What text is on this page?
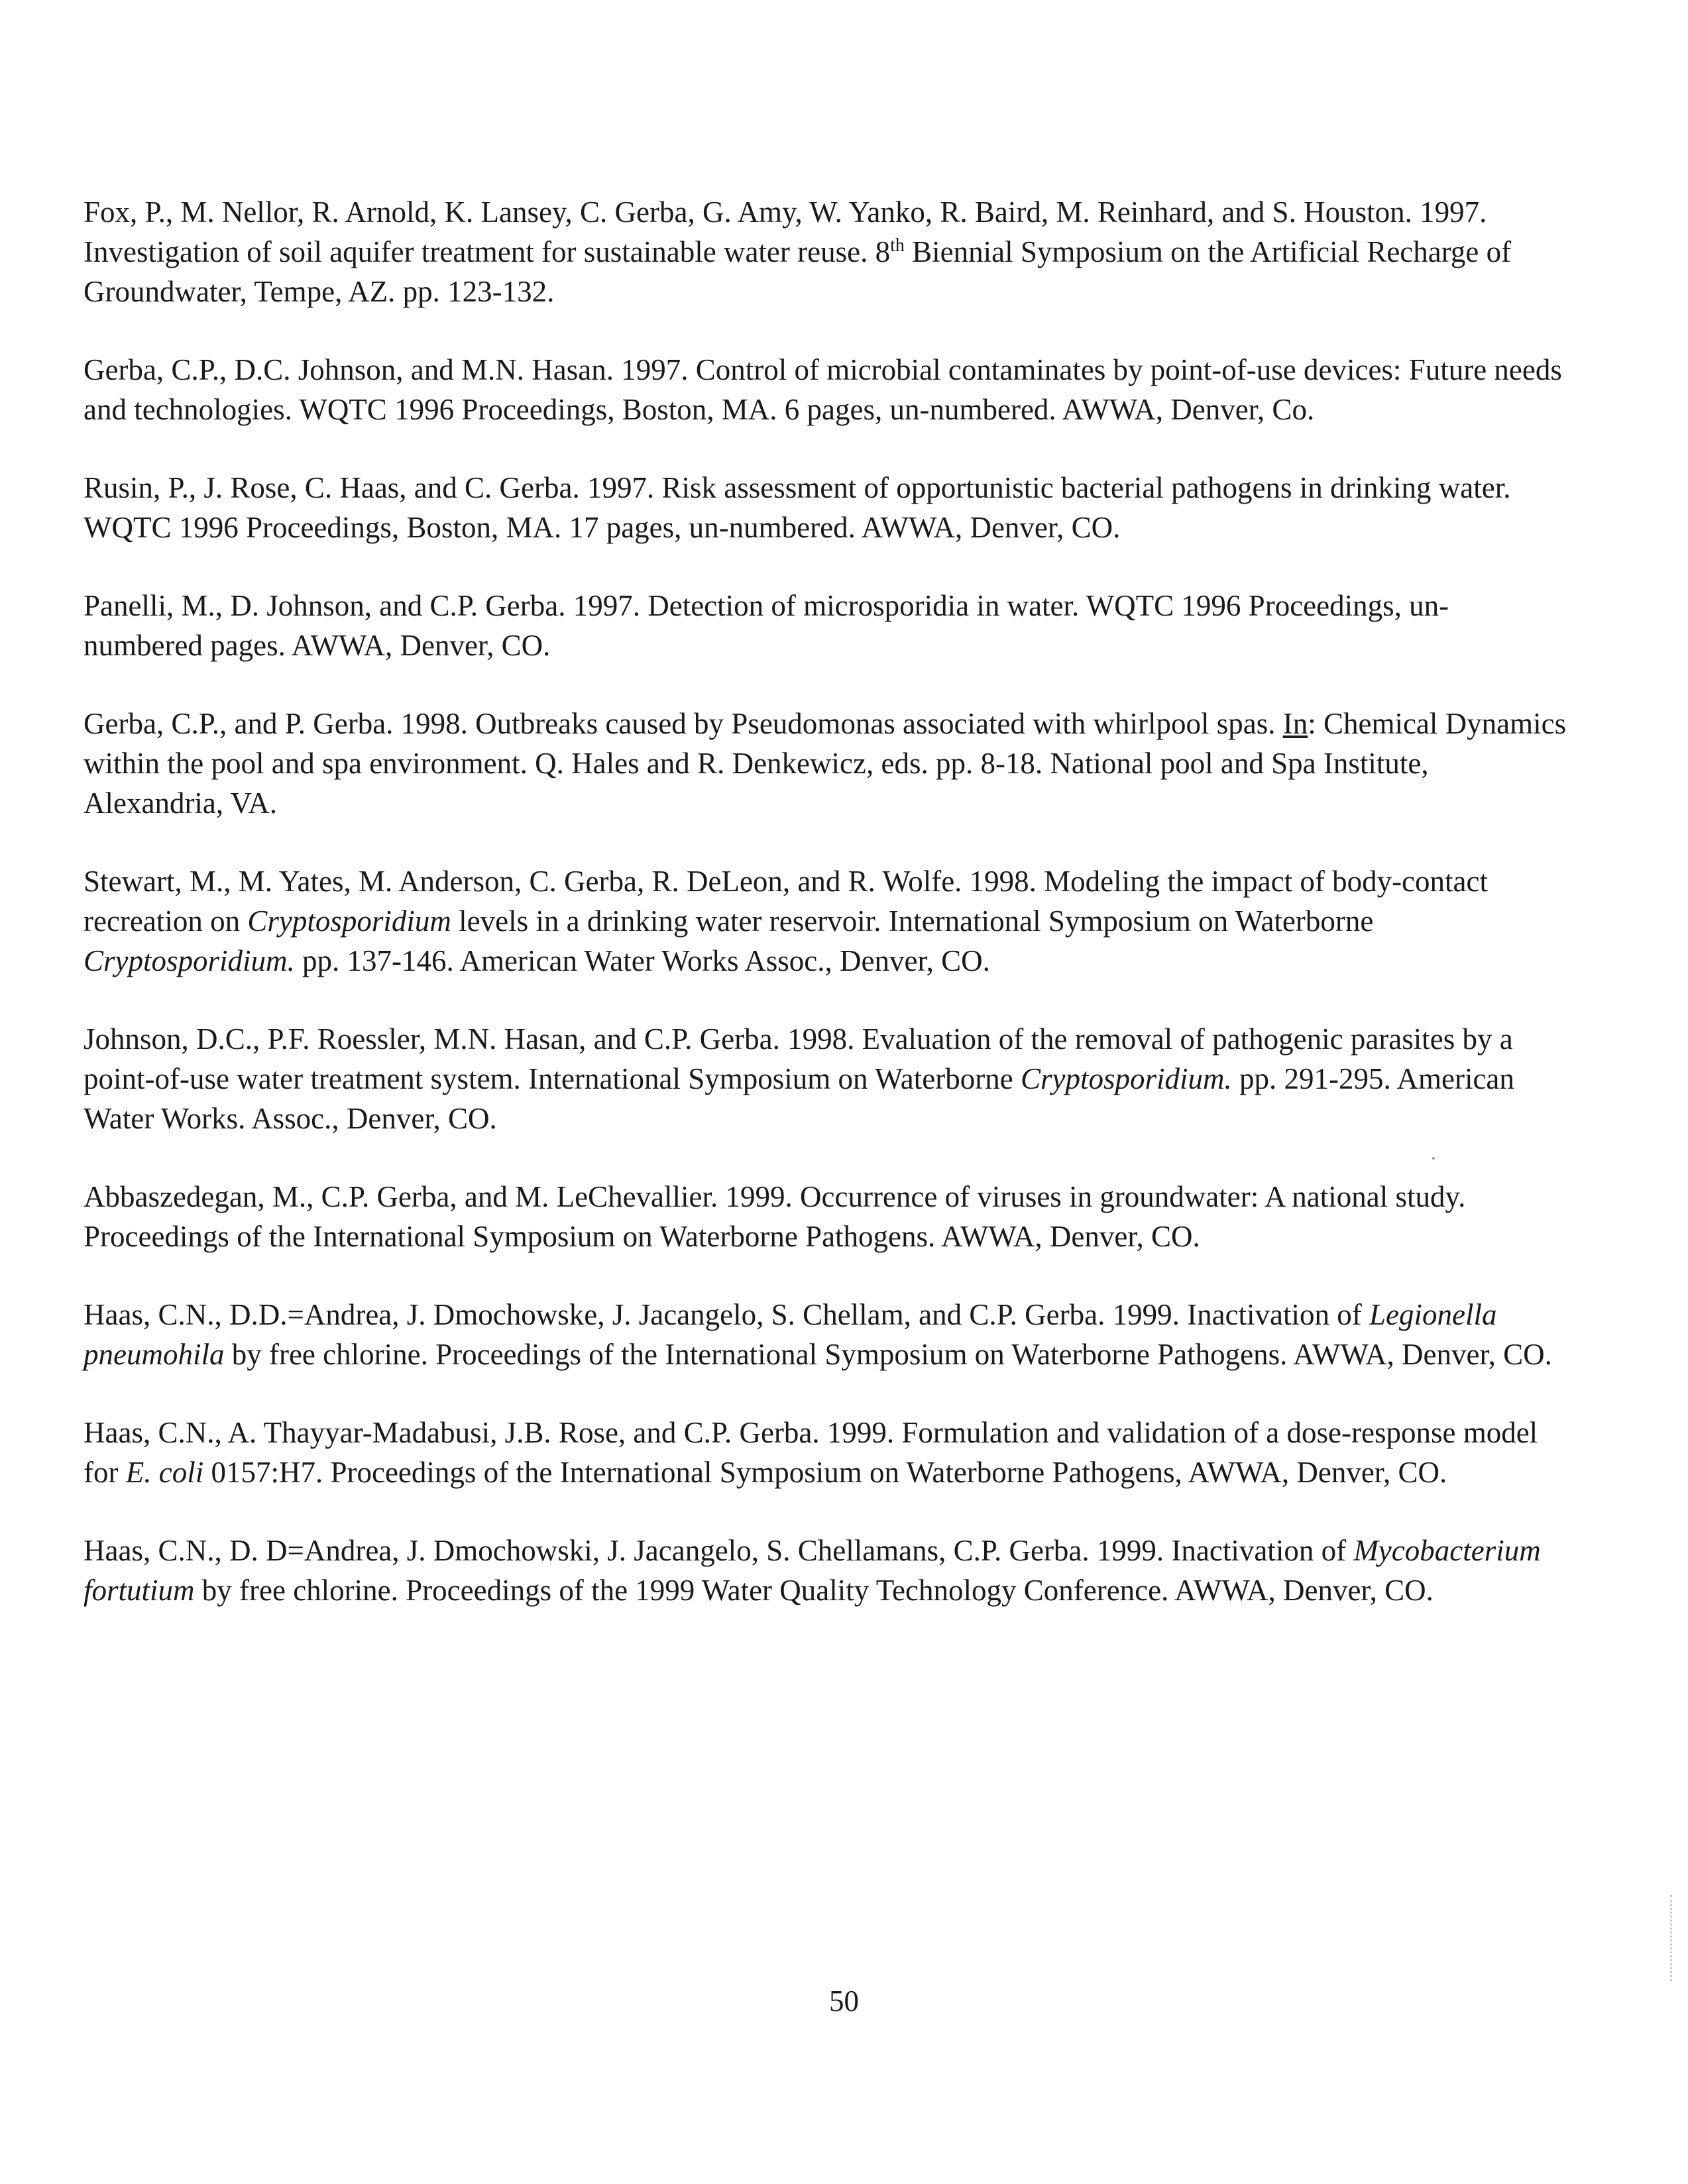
Fox, P., M. Nellor, R. Arnold, K. Lansey, C. Gerba, G. Amy, W. Yanko, R. Baird, M. Reinhard, and S. Houston. 1997. Investigation of soil aquifer treatment for sustainable water reuse. 8th Biennial Symposium on the Artificial Recharge of Groundwater, Tempe, AZ. pp. 123-132.

Gerba, C.P., D.C. Johnson, and M.N. Hasan. 1997. Control of microbial contaminates by point-of-use devices: Future needs and technologies. WQTC 1996 Proceedings, Boston, MA. 6 pages, un-numbered. AWWA, Denver, Co.

Rusin, P., J. Rose, C. Haas, and C. Gerba. 1997. Risk assessment of opportunistic bacterial pathogens in drinking water. WQTC 1996 Proceedings, Boston, MA. 17 pages, un-numbered. AWWA, Denver, CO.

Panelli, M., D. Johnson, and C.P. Gerba. 1997. Detection of microsporidia in water. WQTC 1996 Proceedings, un-numbered pages. AWWA, Denver, CO.

Gerba, C.P., and P. Gerba. 1998. Outbreaks caused by Pseudomonas associated with whirlpool spas. In: Chemical Dynamics within the pool and spa environment. Q. Hales and R. Denkewicz, eds. pp. 8-18. National pool and Spa Institute, Alexandria, VA.

Stewart, M., M. Yates, M. Anderson, C. Gerba, R. DeLeon, and R. Wolfe. 1998. Modeling the impact of body-contact recreation on Cryptosporidium levels in a drinking water reservoir. International Symposium on Waterborne Cryptosporidium. pp. 137-146. American Water Works Assoc., Denver, CO.

Johnson, D.C., P.F. Roessler, M.N. Hasan, and C.P. Gerba. 1998. Evaluation of the removal of pathogenic parasites by a point-of-use water treatment system. International Symposium on Waterborne Cryptosporidium. pp. 291-295. American Water Works. Assoc., Denver, CO.

Abbaszedegan, M., C.P. Gerba, and M. LeChevallier. 1999. Occurrence of viruses in groundwater: A national study. Proceedings of the International Symposium on Waterborne Pathogens. AWWA, Denver, CO.

Haas, C.N., D.D.=Andrea, J. Dmochowske, J. Jacangelo, S. Chellam, and C.P. Gerba. 1999. Inactivation of Legionella pneumohila by free chlorine. Proceedings of the International Symposium on Waterborne Pathogens. AWWA, Denver, CO.

Haas, C.N., A. Thayyar-Madabusi, J.B. Rose, and C.P. Gerba. 1999. Formulation and validation of a dose-response model for E. coli 0157:H7. Proceedings of the International Symposium on Waterborne Pathogens, AWWA, Denver, CO.

Haas, C.N., D. D=Andrea, J. Dmochowski, J. Jacangelo, S. Chellamans, C.P. Gerba. 1999. Inactivation of Mycobacterium fortutium by free chlorine. Proceedings of the 1999 Water Quality Technology Conference. AWWA, Denver, CO.

50
